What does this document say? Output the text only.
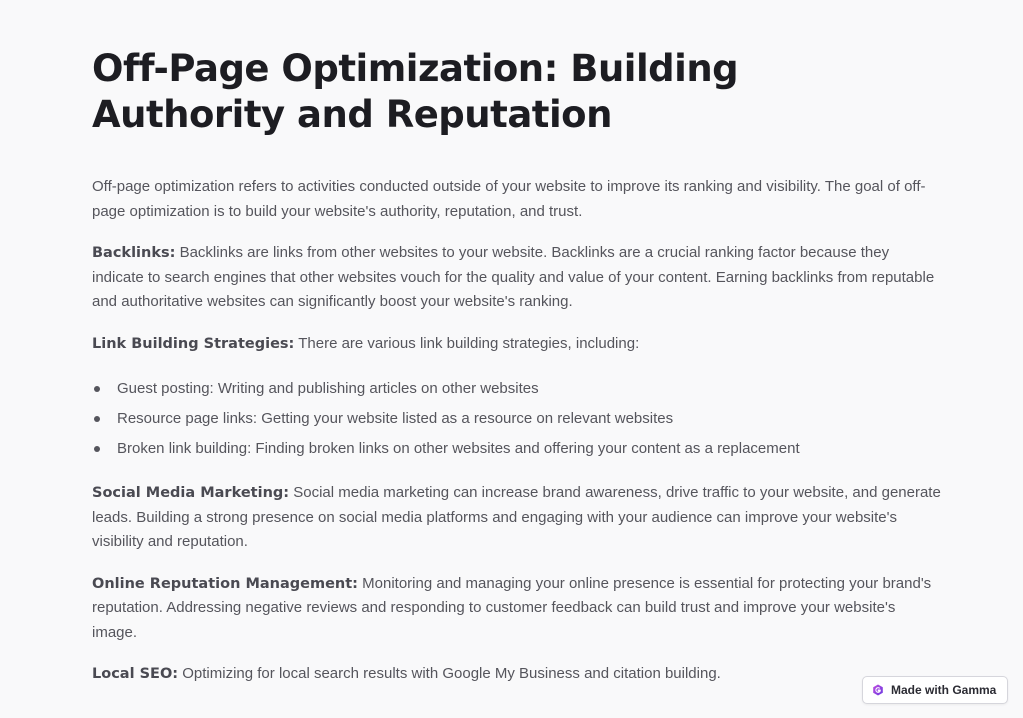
Off-Page Optimization: Building Authority and Reputation

Off-page optimization refers to activities conducted outside of your website to improve its ranking and visibility. The goal of off-page optimization is to build your website's authority, reputation, and trust.

Backlinks: Backlinks are links from other websites to your website. Backlinks are a crucial ranking factor because they indicate to search engines that other websites vouch for the quality and value of your content. Earning backlinks from reputable and authoritative websites can significantly boost your website's ranking.

Link Building Strategies: There are various link building strategies, including:

Guest posting: Writing and publishing articles on other websites
Resource page links: Getting your website listed as a resource on relevant websites
Broken link building: Finding broken links on other websites and offering your content as a replacement

Social Media Marketing: Social media marketing can increase brand awareness, drive traffic to your website, and generate leads. Building a strong presence on social media platforms and engaging with your audience can improve your website's visibility and reputation.

Online Reputation Management: Monitoring and managing your online presence is essential for protecting your brand's reputation. Addressing negative reviews and responding to customer feedback can build trust and improve your website's image.

Local SEO: Optimizing for local search results with Google My Business and citation building.

Made with Gamma
